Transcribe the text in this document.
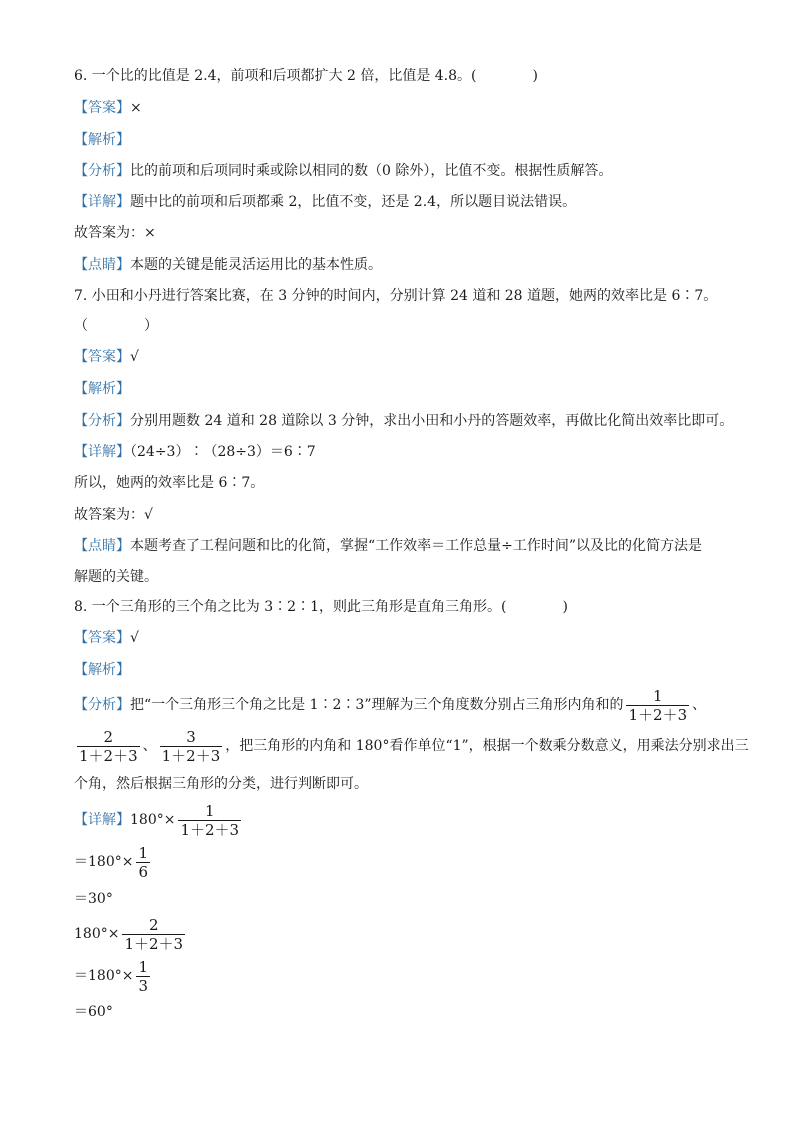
6. 一个比的比值是 2.4，前项和后项都扩大 2 倍，比值是 4.8。(　　　　)
【答案】×
【解析】
【分析】比的前项和后项同时乘或除以相同的数（0 除外），比值不变。根据性质解答。
【详解】题中比的前项和后项都乘 2，比值不变，还是 2.4，所以题目说法错误。
故答案为：×
【点睛】本题的关键是能灵活运用比的基本性质。
7. 小田和小丹进行答案比赛，在 3 分钟的时间内，分别计算 24 道和 28 道题，她两的效率比是 6∶7。
（　　　　）
【答案】√
【解析】
【分析】分别用题数 24 道和 28 道除以 3 分钟，求出小田和小丹的答题效率，再做比化简出效率比即可。
【详解】（24÷3）∶（28÷3）＝6∶7
所以，她两的效率比是 6∶7。
故答案为：√
【点睛】本题考查了工程问题和比的化简，掌握“工作效率＝工作总量÷工作时间”以及比的化简方法是
解题的关键。
8. 一个三角形的三个角之比为 3∶2∶1，则此三角形是直角三角形。(　　　　)
【答案】√
【解析】
【分析】把“一个三角形三个角之比是 1∶2∶3”理解为三个角度数分别占三角形内角和的 $\frac{1}{1+2+3}$ 、
$\frac{2}{1+2+3}$ 、 $\frac{3}{1+2+3}$ ，把三角形的内角和 180°看作单位“1”，根据一个数乘分数意义，用乘法分别求出三
个角，然后根据三角形的分类，进行判断即可。
【详解】$180^\circ\times \frac{1}{1+2+3}$
$=180^\circ\times \frac{1}{6}$
＝30°
$180^\circ\times \frac{2}{1+2+3}$
$=180^\circ\times \frac{1}{3}$
＝60°
